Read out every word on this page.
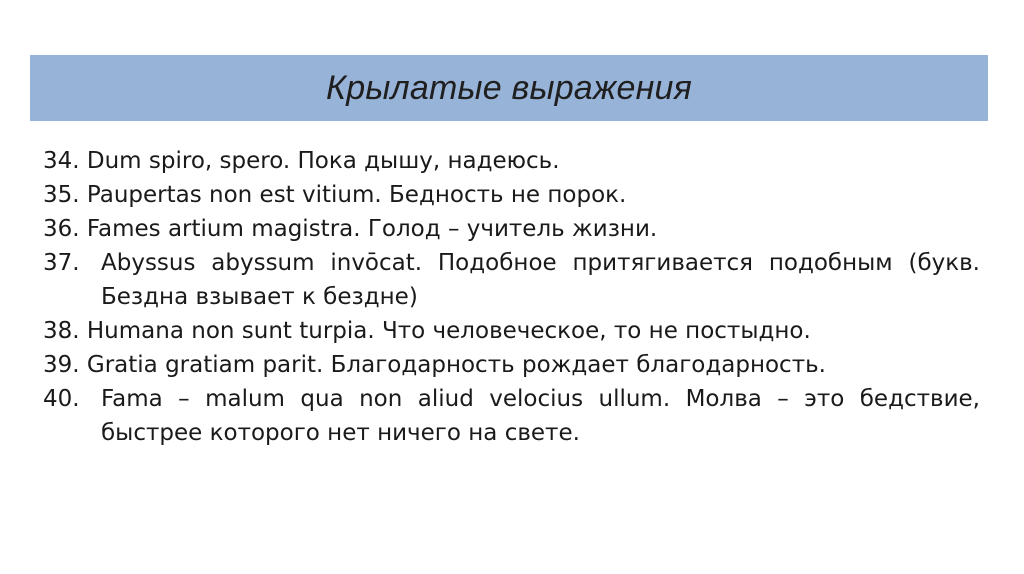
Крылатые выражения
34.
Dum spiro, spero. Пока дышу, надеюсь.
35.
Paupertas non est vitium. Бедность не порок.
36.
Fames artium magistra. Голод – учитель жизни.
37. Abyssus abyssum invōcat. Подобное притягивается подобным (букв. Бездна взывает к бездне)
38.
Humana non sunt turpia. Что человеческое, то не постыдно.
39.
Gratia gratiam parit. Благодарность рождает благодарность.
40. Fama – malum qua non aliud velocius ullum. Молва – это бедствие, быстрее которого нет ничего на свете.
